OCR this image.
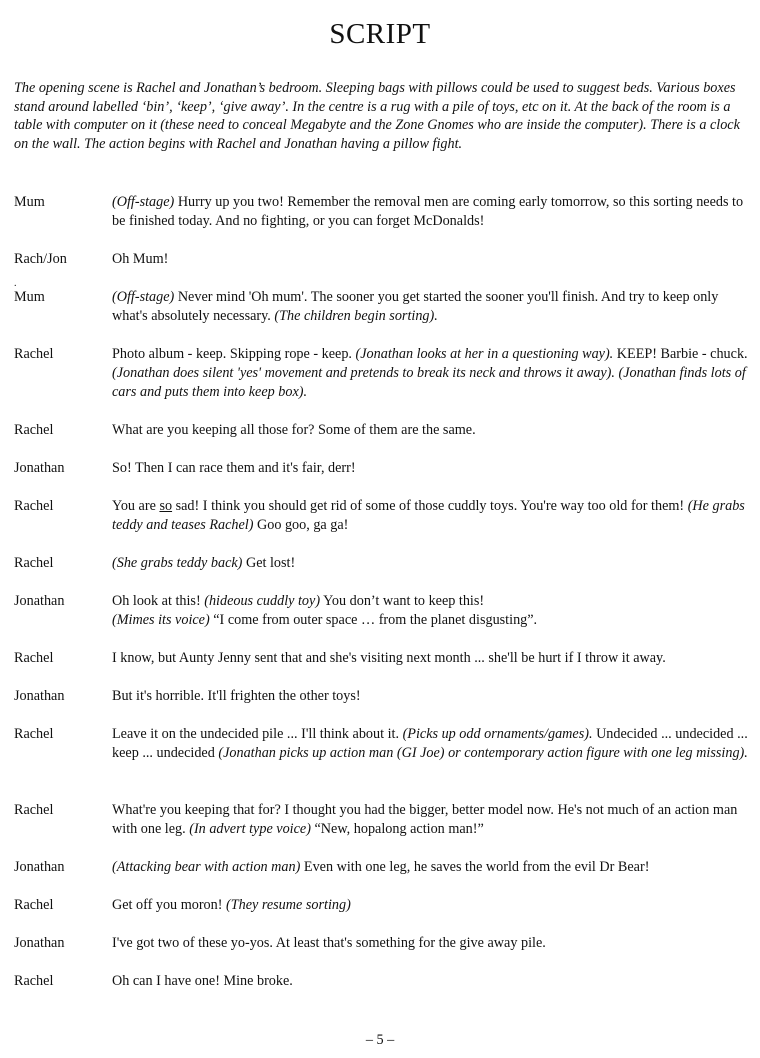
SCRIPT

The opening scene is Rachel and Jonathan’s bedroom. Sleeping bags with pillows could be used to suggest beds. Various boxes stand around labelled ‘bin’, ‘keep’, ‘give away’. In the centre is a rug with a pile of toys, etc on it. At the back of the room is a table with computer on it (these need to conceal Megabyte and the Zone Gnomes who are inside the computer). There is a clock on the wall. The action begins with Rachel and Jonathan having a pillow fight.

Mum	(Off-stage) Hurry up you two! Remember the removal men are coming early tomorrow, so this sorting needs to be finished today. And no fighting, or you can forget McDonalds!
Rach/Jon	Oh Mum!
Mum	(Off-stage) Never mind 'Oh mum'. The sooner you get started the sooner you'll finish. And try to keep only what's absolutely necessary. (The children begin sorting).
Rachel	Photo album - keep. Skipping rope - keep. (Jonathan looks at her in a questioning way). KEEP! Barbie - chuck. (Jonathan does silent 'yes' movement and pretends to break its neck and throws it away). (Jonathan finds lots of cars and puts them into keep box).
Rachel	What are you keeping all those for? Some of them are the same.
Jonathan	So! Then I can race them and it's fair, derr!
Rachel	You are so sad! I think you should get rid of some of those cuddly toys. You're way too old for them! (He grabs teddy and teases Rachel) Goo goo, ga ga!
Rachel	(She grabs teddy back) Get lost!
Jonathan	Oh look at this! (hideous cuddly toy) You don’t want to keep this!
(Mimes its voice) “I come from outer space … from the planet disgusting”.
Rachel	I know, but Aunty Jenny sent that and she's visiting next month ... she'll be hurt if I throw it away.
Jonathan	But it's horrible. It'll frighten the other toys!
Rachel	Leave it on the undecided pile ... I'll think about it. (Picks up odd ornaments/games). Undecided ... undecided ... keep ... undecided (Jonathan picks up action man (GI Joe) or contemporary action figure with one leg missing).
Rachel	What're you keeping that for? I thought you had the bigger, better model now. He's not much of an action man with one leg. (In advert type voice) “New, hopalong action man!”
Jonathan	(Attacking bear with action man) Even with one leg, he saves the world from the evil Dr Bear!
Rachel	Get off you moron! (They resume sorting)
Jonathan	I've got two of these yo-yos. At least that's something for the give away pile.
Rachel	Oh can I have one! Mine broke.
.
– 5 –
